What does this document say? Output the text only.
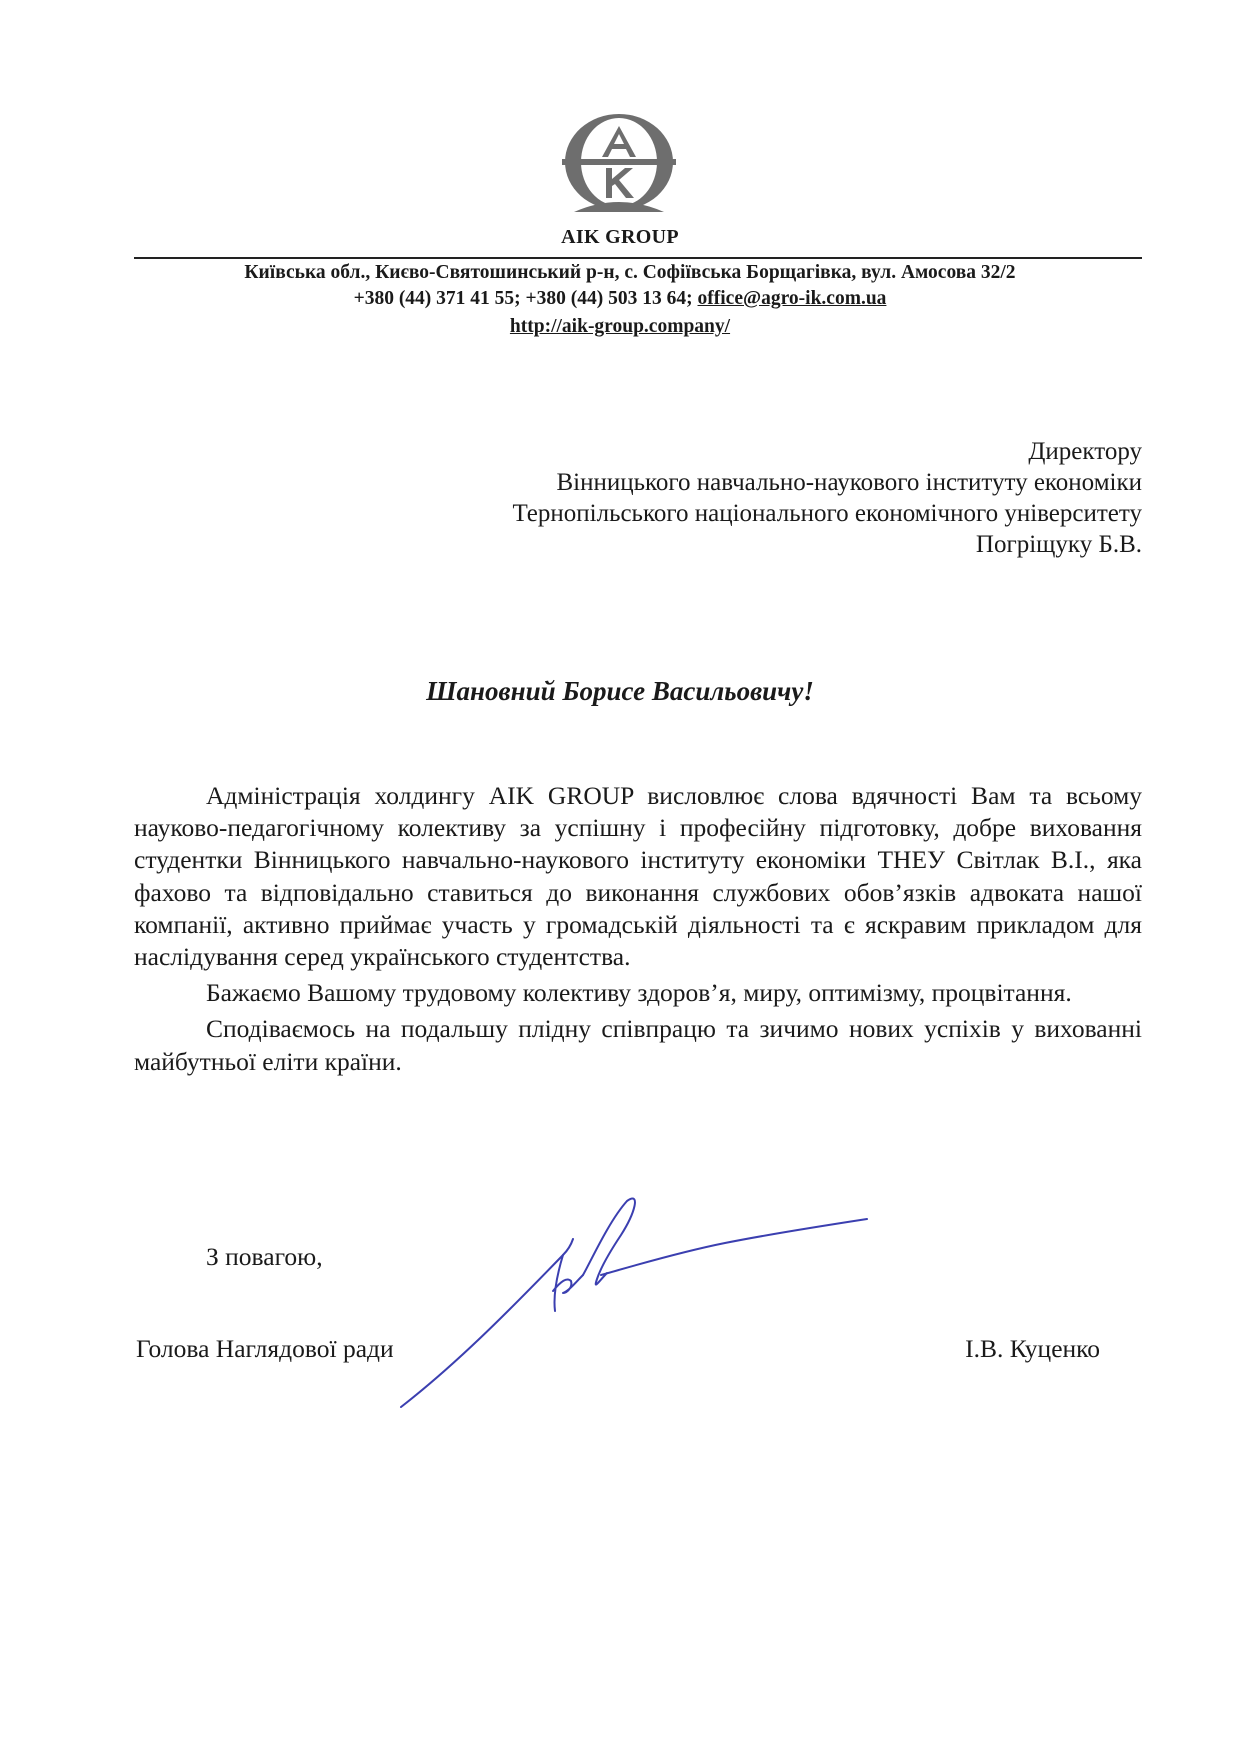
AIK GROUP
Київська обл., Києво-Святошинський р-н, с. Софіївська Борщагівка, вул. Амосова 32/2
+380 (44) 371 41 55; +380 (44) 503 13 64; office@agro-ik.com.ua
http://aik-group.company/
Директору
Вінницького навчально-наукового інституту економіки
Тернопільського національного економічного університету
Погріщуку Б.В.
Шановний Борисе Васильовичу!

Адміністрація холдингу AIK GROUP висловлює слова вдячності Вам та всьому науково-педагогічному колективу за успішну і професійну підготовку, добре виховання студентки Вінницького навчально-наукового інституту економіки ТНЕУ Світлак В.І., яка фахово та відповідально ставиться до виконання службових обов’язків адвоката нашої компанії, активно приймає участь у громадській діяльності та є яскравим прикладом для наслідування серед українського студентства.

Бажаємо Вашому трудовому колективу здоров’я, миру, оптимізму, процвітання.

Сподіваємось на подальшу плідну співпрацю та зичимо нових успіхів у вихованні майбутньої еліти країни.

З повагою,
Голова Наглядової ради	І.В. Куценко
